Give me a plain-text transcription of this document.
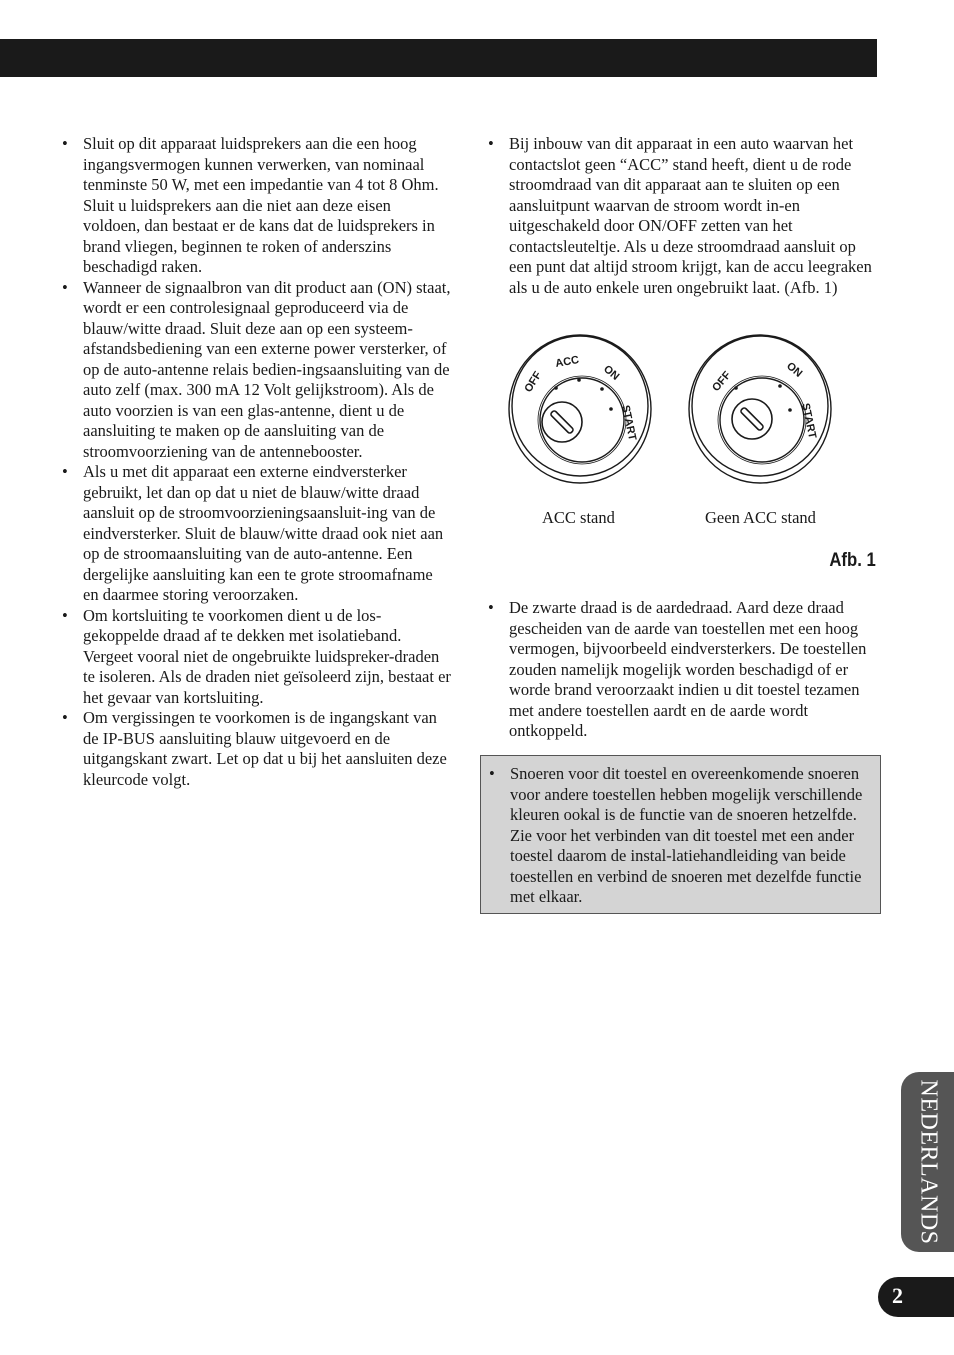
• Sluit op dit apparaat luidsprekers aan die een hoog ingangsvermogen kunnen verwerken, van nominaal tenminste 50 W, met een impedantie van 4 tot 8 Ohm. Sluit u luidsprekers aan die niet aan deze eisen voldoen, dan bestaat er de kans dat de luidsprekers in brand vliegen, beginnen te roken of anderszins beschadigd raken.
• Wanneer de signaalbron van dit product aan (ON) staat, wordt er een controlesignaal geproduceerd via de blauw/witte draad. Sluit deze aan op een systeem-afstandsbediening van een externe power versterker, of op de auto-antenne relais bedien-ingsaansluiting van de auto zelf (max. 300 mA 12 Volt gelijkstroom). Als de auto voorzien is van een glas-antenne, dient u de aansluiting te maken op de aansluiting van de stroomvoorziening van de antennebooster.
• Als u met dit apparaat een externe eindversterker gebruikt, let dan op dat u niet de blauw/witte draad aansluit op de stroomvoorzieningsaansluit-ing van de eindversterker. Sluit de blauw/witte draad ook niet aan op de stroomaansluiting van de auto-antenne. Een dergelijke aansluiting kan een te grote stroomafname en daarmee storing veroorzaken.
• Om kortsluiting te voorkomen dient u de los-gekoppelde draad af te dekken met isolatieband. Vergeet vooral niet de ongebruikte luidspreker-draden te isoleren. Als de draden niet geïsoleerd zijn, bestaat er het gevaar van kortsluiting.
• Om vergissingen te voorkomen is de ingangskant van de IP-BUS aansluiting blauw uitgevoerd en de uitgangskant zwart. Let op dat u bij het aansluiten deze kleurcode volgt.
• Bij inbouw van dit apparaat in een auto waarvan het contactslot geen “ACC” stand heeft, dient u de rode stroomdraad van dit apparaat aan te sluiten op een aansluitpunt waarvan de stroom wordt in-en uitgeschakeld door ON/OFF zetten van het contactsleuteltje. Als u deze stroomdraad aansluit op een punt dat altijd stroom krijgt, kan de accu leegraken als u de auto enkele uren ongebruikt laat. (Afb. 1)
OFF
ACC
ON
START
OFF	ON
START
ACC stand	Geen ACC stand
Afb. 1
• De zwarte draad is de aardedraad. Aard deze draad gescheiden van de aarde van toestellen met een hoog vermogen, bijvoorbeeld eindversterkers. De toestellen zouden namelijk mogelijk worden beschadigd of er worde brand veroorzaakt indien u dit toestel tezamen met andere toestellen aardt en de aarde wordt ontkoppeld.
• Snoeren voor dit toestel en overeenkomende snoeren voor andere toestellen hebben mogelijk verschillende kleuren ookal is de functie van de snoeren hetzelfde. Zie voor het verbinden van dit toestel met een ander toestel daarom de instal-latiehandleiding van beide toestellen en verbind de snoeren met dezelfde functie met elkaar.
NEDERLANDS
2
